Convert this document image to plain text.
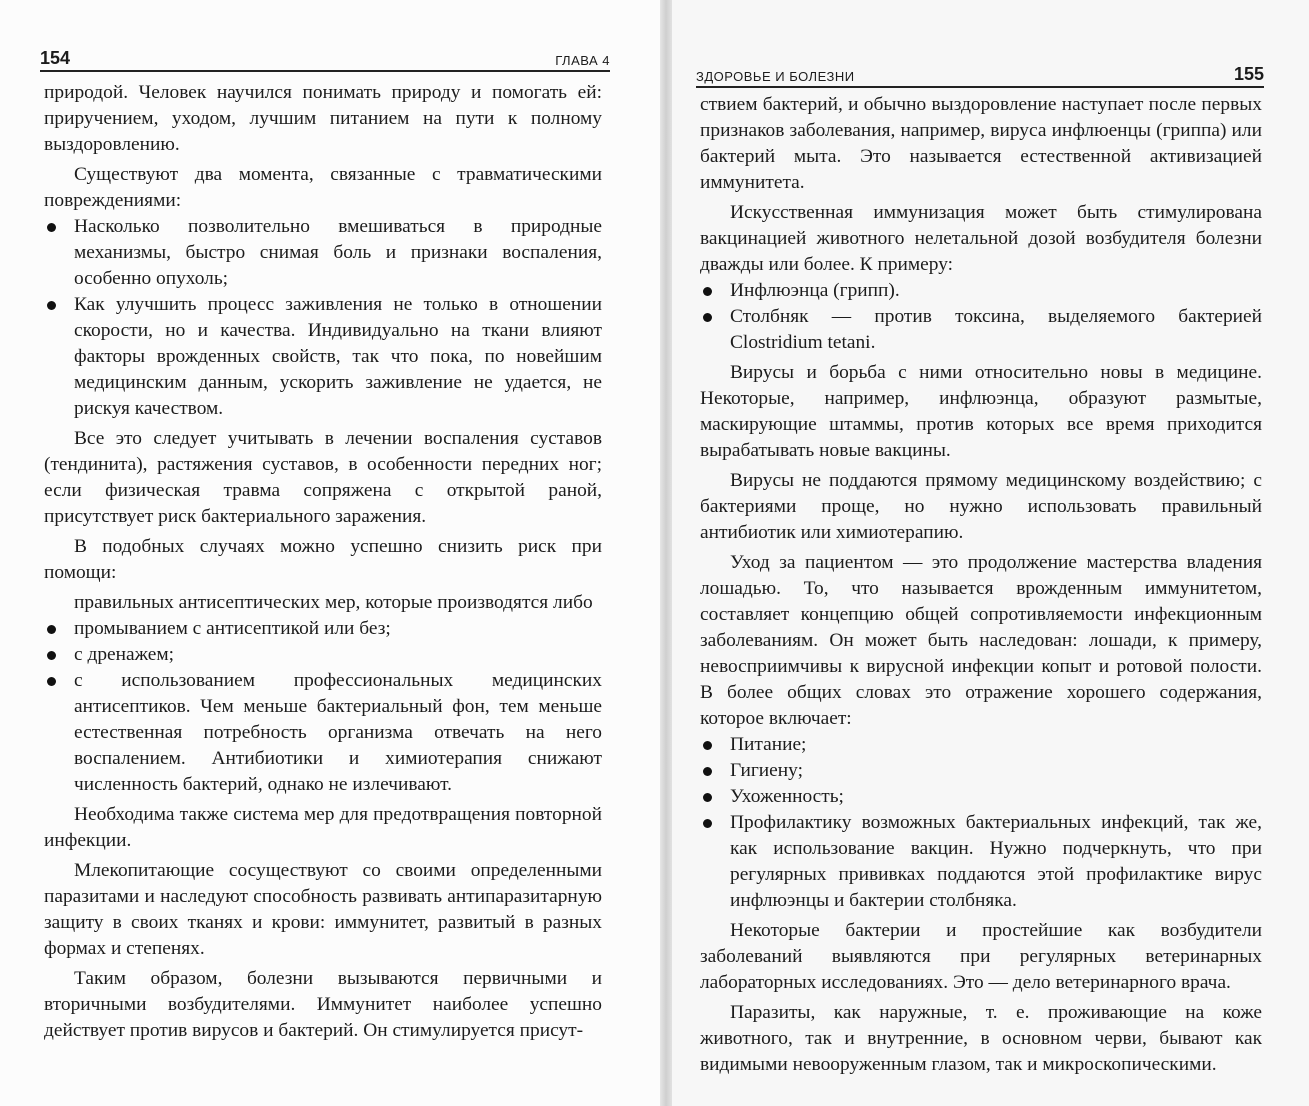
154	ГЛАВА 4

природой. Человек научился понимать природу и помогать ей: приручением, уходом, лучшим питанием на пути к полному выздоровлению.

Существуют два момента, связанные с травматическими повреждениями:

Насколько позволительно вмешиваться в природные механизмы, быстро снимая боль и признаки воспаления, особенно опухоль;
Как улучшить процесс заживления не только в отношении скорости, но и качества. Индивидуально на ткани влияют факторы врожденных свойств, так что пока, по новейшим медицинским данным, ускорить заживление не удается, не рискуя качеством.

Все это следует учитывать в лечении воспаления суставов (тендинита), растяжения суставов, в особенности передних ног; если физическая травма сопряжена с открытой раной, присутствует риск бактериального заражения.

В подобных случаях можно успешно снизить риск при помощи:

правильных антисептических мер, которые производятся либо

промыванием с антисептикой или без;
с дренажем;
с использованием профессиональных медицинских антисептиков. Чем меньше бактериальный фон, тем меньше естественная потребность организма отвечать на него воспалением. Антибиотики и химиотерапия снижают численность бактерий, однако не излечивают.

Необходима также система мер для предотвращения повторной инфекции.

Млекопитающие сосуществуют со своими определенными паразитами и наследуют способность развивать антипаразитарную защиту в своих тканях и крови: иммунитет, развитый в разных формах и степенях.

Таким образом, болезни вызываются первичными и вторичными возбудителями. Иммунитет наиболее успешно действует против вирусов и бактерий. Он стимулируется присут-

ЗДОРОВЬЕ И БОЛЕЗНИ	155

ствием бактерий, и обычно выздоровление наступает после первых признаков заболевания, например, вируса инфлюенцы (гриппа) или бактерий мыта. Это называется естественной активизацией иммунитета.

Искусственная иммунизация может быть стимулирована вакцинацией животного нелетальной дозой возбудителя болезни дважды или более. К примеру:

Инфлюэнца (грипп).
Столбняк — против токсина, выделяемого бактерией Clostridium tetani.

Вирусы и борьба с ними относительно новы в медицине. Некоторые, например, инфлюэнца, образуют размытые, маскирующие штаммы, против которых все время приходится вырабатывать новые вакцины.

Вирусы не поддаются прямому медицинскому воздействию; с бактериями проще, но нужно использовать правильный антибиотик или химиотерапию.

Уход за пациентом — это продолжение мастерства владения лошадью. То, что называется врожденным иммунитетом, составляет концепцию общей сопротивляемости инфекционным заболеваниям. Он может быть наследован: лошади, к примеру, невосприимчивы к вирусной инфекции копыт и ротовой полости. В более общих словах это отражение хорошего содержания, которое включает:

Питание;
Гигиену;
Ухоженность;
Профилактику возможных бактериальных инфекций, так же, как использование вакцин. Нужно подчеркнуть, что при регулярных прививках поддаются этой профилактике вирус инфлюэнцы и бактерии столбняка.

Некоторые бактерии и простейшие как возбудители заболеваний выявляются при регулярных ветеринарных лабораторных исследованиях. Это — дело ветеринарного врача.

Паразиты, как наружные, т. е. проживающие на коже животного, так и внутренние, в основном черви, бывают как видимыми невооруженным глазом, так и микроскопическими.
